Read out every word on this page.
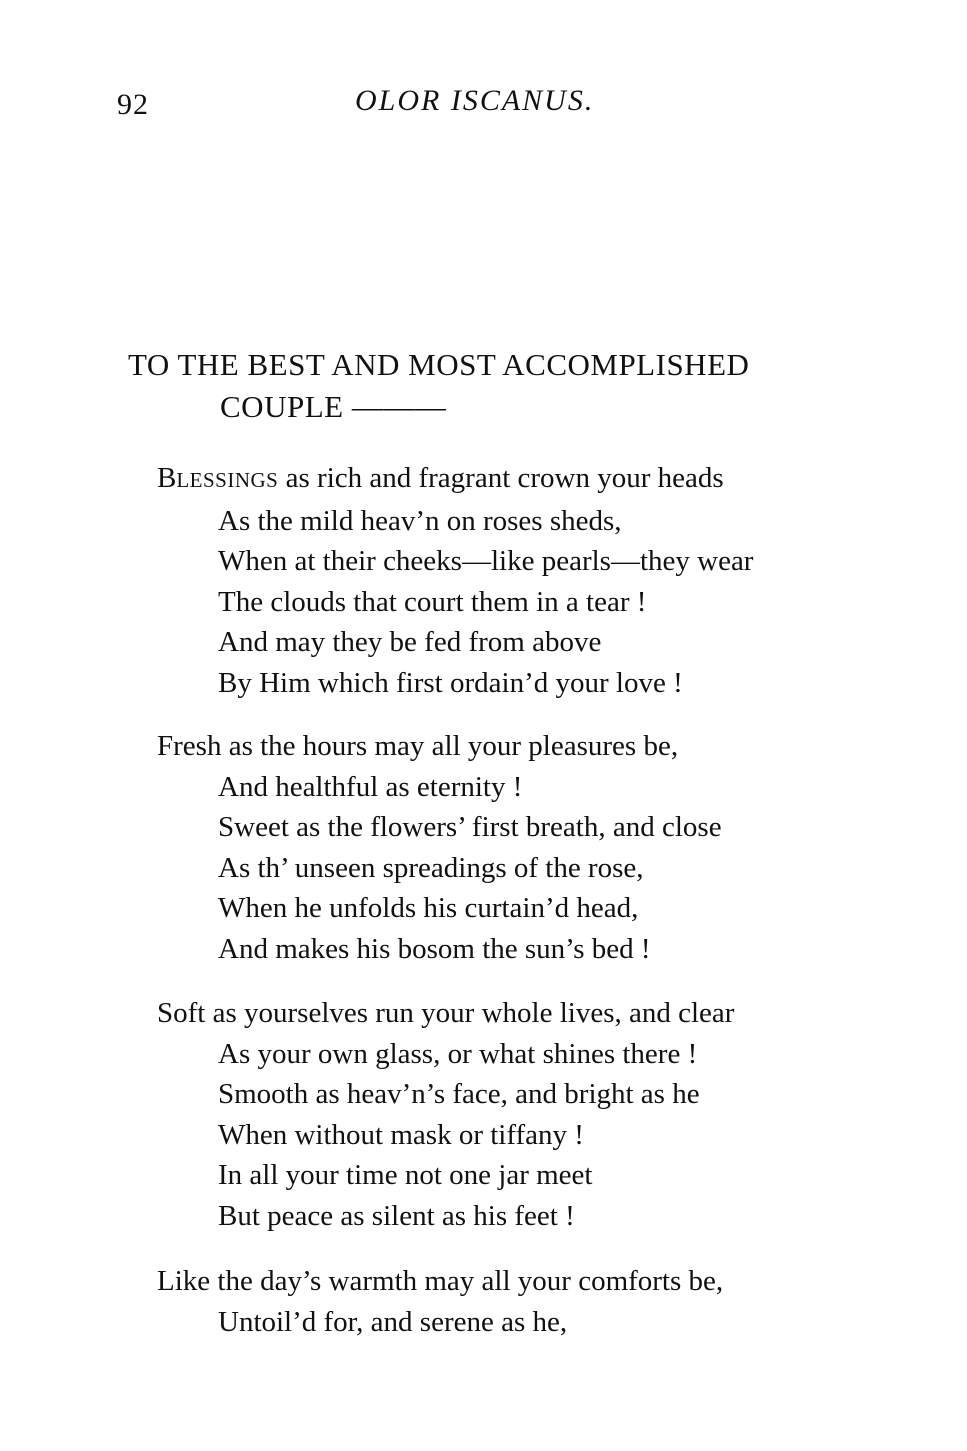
92	OLOR ISCANUS.
TO THE BEST AND MOST ACCOMPLISHED
COUPLE ———
BLESSINGS as rich and fragrant crown your heads
As the mild heav’n on roses sheds,
When at their cheeks—like pearls—they wear
The clouds that court them in a tear !
And may they be fed from above
By Him which first ordain’d your love !
Fresh as the hours may all your pleasures be,
And healthful as eternity !
Sweet as the flowers’ first breath, and close
As th’ unseen spreadings of the rose,
When he unfolds his curtain’d head,
And makes his bosom the sun’s bed !
Soft as yourselves run your whole lives, and clear
As your own glass, or what shines there !
Smooth as heav’n’s face, and bright as he
When without mask or tiffany !
In all your time not one jar meet
But peace as silent as his feet !
Like the day’s warmth may all your comforts be,
Untoil’d for, and serene as he,
